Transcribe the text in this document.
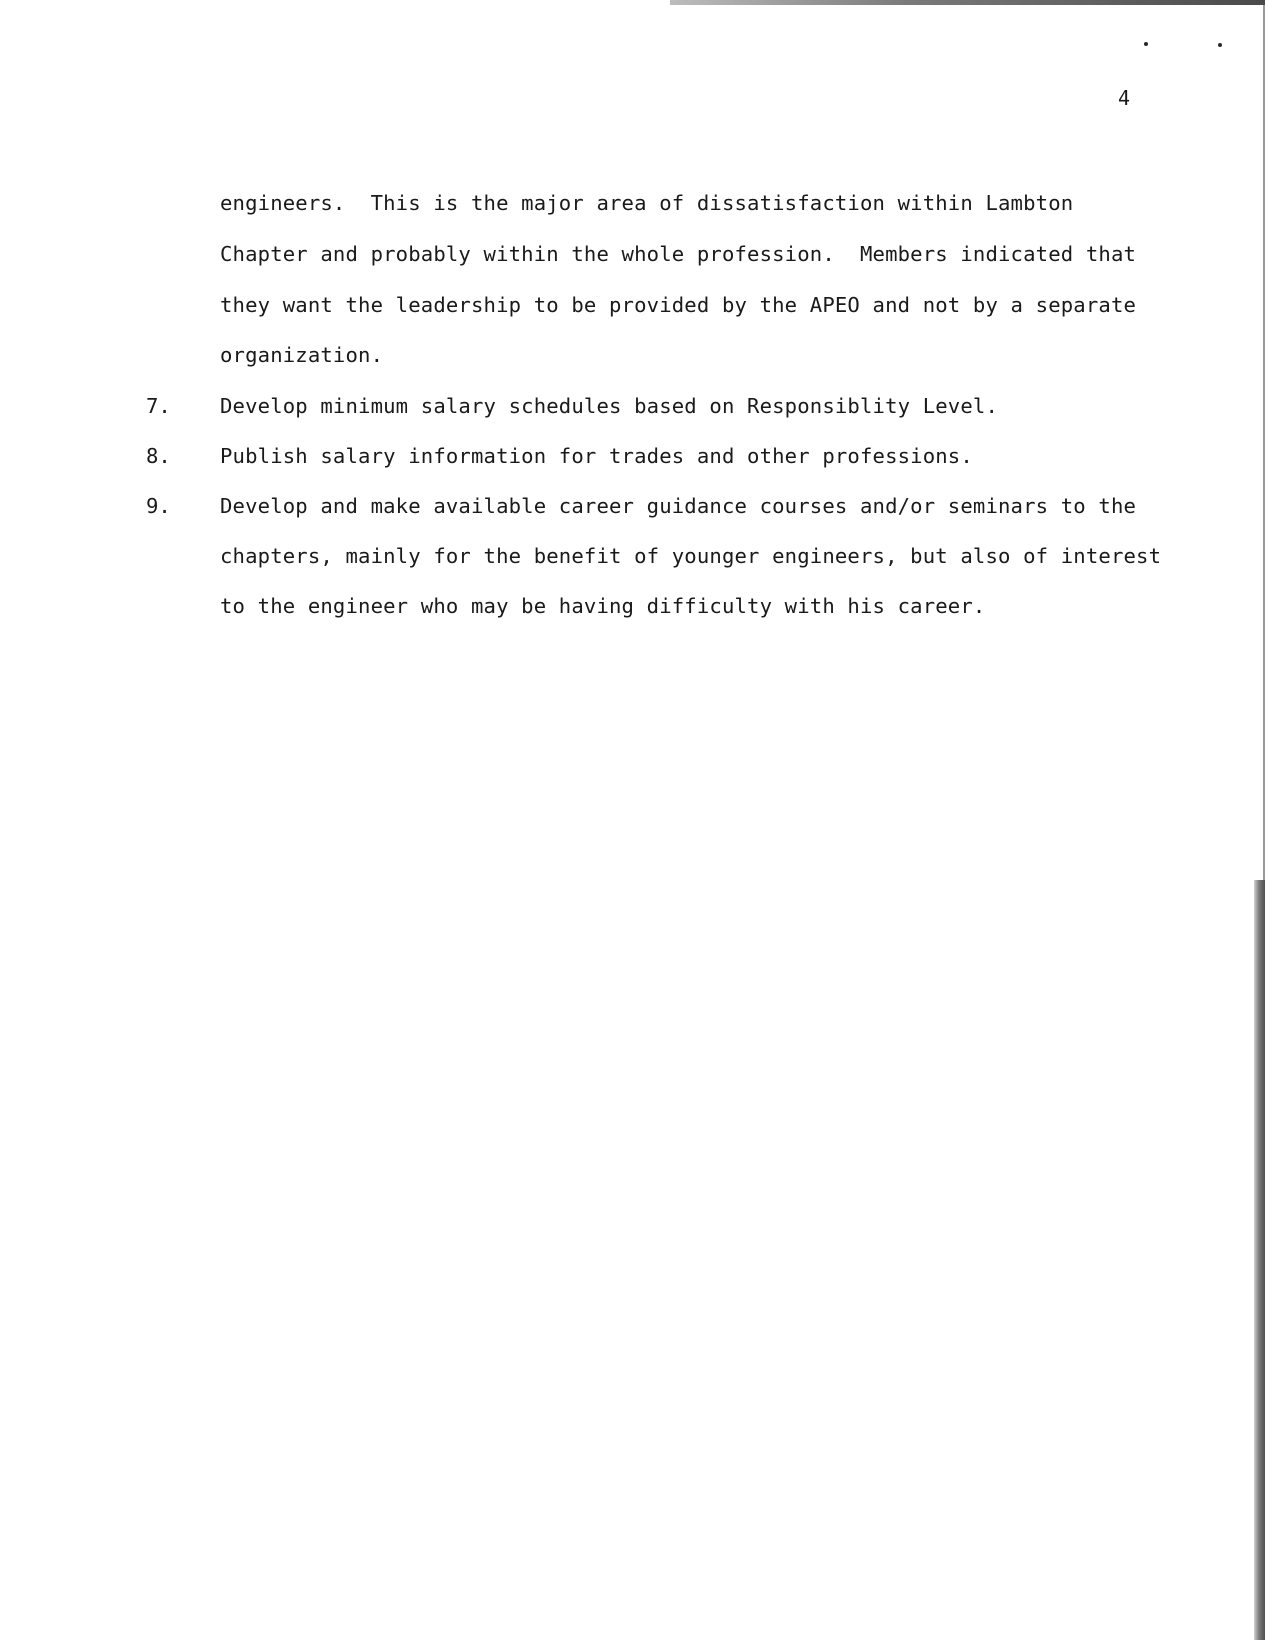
4
engineers.  This is the major area of dissatisfaction within Lambton
Chapter and probably within the whole profession.  Members indicated that
they want the leadership to be provided by the APEO and not by a separate
organization.
7. Develop minimum salary schedules based on Responsiblity Level.
8. Publish salary information for trades and other professions.
9. Develop and make available career guidance courses and/or seminars to the
chapters, mainly for the benefit of younger engineers, but also of interest
to the engineer who may be having difficulty with his career.
